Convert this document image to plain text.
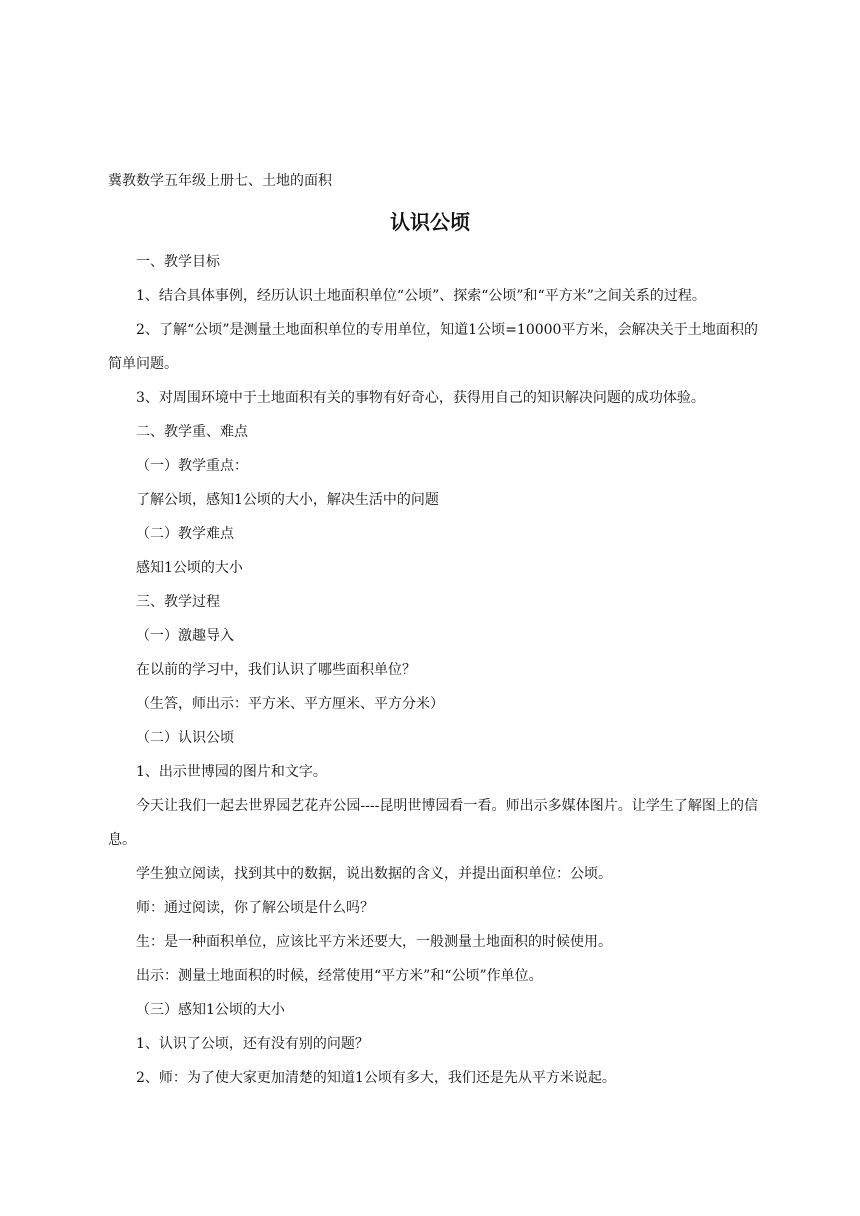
冀教数学五年级上册七、土地的面积
认识公顷

一、教学目标

1、结合具体事例，经历认识土地面积单位“公顷”、探索“公顷”和“平方米”之间关系的过程。

2、了解“公顷”是测量土地面积单位的专用单位，知道1公顷=10000平方米，会解决关于土地面积的简单问题。

3、对周围环境中于土地面积有关的事物有好奇心，获得用自己的知识解决问题的成功体验。

二、教学重、难点

（一）教学重点：

了解公顷，感知1公顷的大小，解决生活中的问题

（二）教学难点

感知1公顷的大小

三、教学过程

（一）激趣导入

在以前的学习中，我们认识了哪些面积单位？

（生答，师出示：平方米、平方厘米、平方分米）

（二）认识公顷

1、出示世博园的图片和文字。

今天让我们一起去世界园艺花卉公园----昆明世博园看一看。师出示多媒体图片。让学生了解图上的信息。

学生独立阅读，找到其中的数据，说出数据的含义，并提出面积单位：公顷。

师：通过阅读，你了解公顷是什么吗？

生：是一种面积单位，应该比平方米还要大，一般测量土地面积的时候使用。

出示：测量土地面积的时候，经常使用“平方米”和“公顷”作单位。

（三）感知1公顷的大小

1、认识了公顷，还有没有别的问题？

2、师：为了使大家更加清楚的知道1公顷有多大，我们还是先从平方米说起。
